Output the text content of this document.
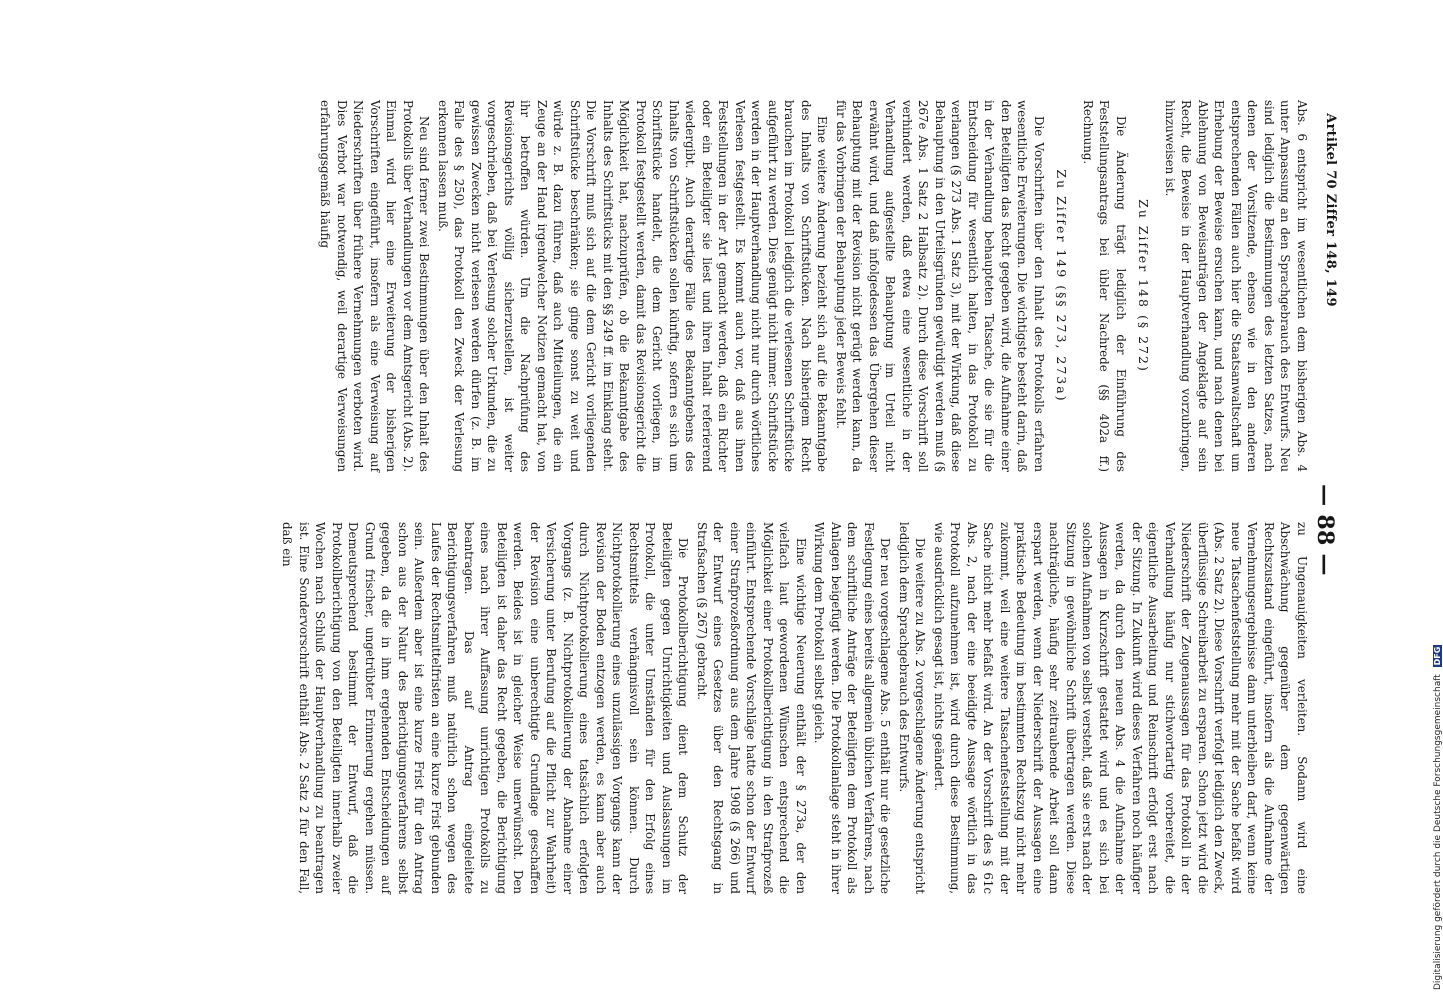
Artikel 70 Ziffer 148, 149
— 88 —

Abs. 6 entspricht im wesentlichen dem bisherigen Abs. 4 unter Anpassung an den Sprachgebrauch des Entwurfs. Neu sind lediglich die Bestimmungen des letzten Satzes, nach denen der Vorsitzende, ebenso wie in den anderen entsprechenden Fällen auch hier die Staatsanwaltschaft um Erhebung der Beweise ersuchen kann, und nach denen bei Ablehnung von Beweisanträgen der Angeklagte auf sein Recht, die Beweise in der Hauptverhandlung vorzubringen, hinzuweisen ist.

Zu Ziffer 148 (§ 272)

Die Änderung trägt lediglich der Einführung des Feststellungsantrags bei übler Nachrede (§§ 402a ff.) Rechnung.

Zu Ziffer 149 (§§ 273, 273a)

Die Vorschriften über den Inhalt des Protokolls erfahren wesentliche Erweiterungen. Die wichtigste besteht darin, daß den Beteiligten das Recht gegeben wird, die Aufnahme einer in der Verhandlung behaupteten Tatsache, die sie für die Entscheidung für wesentlich halten, in das Protokoll zu verlangen (§ 273 Abs. 1 Satz 3), mit der Wirkung, daß diese Behauptung in den Urteilsgründen gewürdigt werden muß (§ 267e Abs. 1 Satz 2 Halbsatz 2). Durch diese Vorschrift soll verhindert werden, daß etwa eine wesentliche in der Verhandlung aufgestellte Behauptung im Urteil nicht erwähnt wird, und daß infolgedessen das Übergehen dieser Behauptung mit der Revision nicht gerügt werden kann, da für das Vorbringen der Behauptung jeder Beweis fehlt.

Eine weitere Änderung bezieht sich auf die Bekanntgabe des Inhalts von Schriftstücken. Nach bisherigem Recht brauchen im Protokoll lediglich die verlesenen Schriftstücke aufgeführt zu werden. Dies genügt nicht immer. Schriftstücke werden in der Hauptverhandlung nicht nur durch wörtliches Verlesen festgestellt. Es kommt auch vor, daß aus ihnen Feststellungen in der Art gemacht werden, daß ein Richter oder ein Beteiligter sie liest und ihren Inhalt referierend wiedergibt. Auch derartige Fälle des Bekanntgebens des Inhalts von Schriftstücken sollen künftig, sofern es sich um Schriftstücke handelt, die dem Gericht vorliegen, im Protokoll festgestellt werden, damit das Revisionsgericht die Möglichkeit hat, nachzuprüfen, ob die Bekanntgabe des Inhalts des Schriftstücks mit den §§ 249 ff. im Einklang steht. Die Vorschrift muß sich auf die dem Gericht vorliegenden Schriftstücke beschränken; sie ginge sonst zu weit und würde z. B. dazu führen, daß auch Mitteilungen, die ein Zeuge an der Hand irgendwelcher Notizen gemacht hat, von ihr betroffen würden. Um die Nachprüfung des Revisionsgerichts völlig sicherzustellen, ist weiter vorgeschrieben, daß bei Verlesung solcher Urkunden, die zu gewissen Zwecken nicht verlesen werden dürfen (z. B. im Falle des § 250), das Protokoll den Zweck der Verlesung erkennen lassen muß.

Neu sind ferner zwei Bestimmungen über den Inhalt des Protokolls über Verhandlungen vor dem Amtsgericht (Abs. 2). Einmal wird hier eine Erweiterung der bisherigen Vorschriften eingeführt, insofern als eine Verweisung auf Niederschriften über frühere Vernehmungen verboten wird. Dies Verbot war notwendig, weil derartige Verweisungen erfahrungsgemäß häufig

zu Ungenauigkeiten verleiten. Sodann wird eine Abschwächung gegenüber dem gegenwärtigen Rechtszustand eingeführt, insofern als die Aufnahme der Vernehmungsergebnisse dann unterbleiben darf, wenn keine neue Tatsachenfeststellung mehr mit der Sache befaßt wird (Abs. 2 Satz 2). Diese Vorschrift verfolgt lediglich den Zweck, überflüssige Schreibarbeit zu ersparen. Schon jetzt wird die Niederschrift der Zeugenaussagen für das Protokoll in der Verhandlung häufig nur stichwortartig vorbereitet, die eigentliche Ausarbeitung und Reinschrift erfolgt erst nach der Sitzung. In Zukunft wird dieses Verfahren noch häufiger werden, da durch den neuen Abs. 4 die Aufnahme der Aussagen in Kurzschrift gestattet wird und es sich bei solchen Aufnahmen von selbst versteht, daß sie erst nach der Sitzung in gewöhnliche Schrift übertragen werden. Diese nachträgliche, häufig sehr zeitraubende Arbeit soll dann erspart werden, wenn der Niederschrift der Aussagen eine praktische Bedeutung im bestimmten Rechtszug nicht mehr zukommt, weil eine weitere Tatsachenfeststellung mit der Sache nicht mehr befaßt wird. An der Vorschrift des § 61c Abs. 2, nach der eine beeidigte Aussage wörtlich in das Protokoll aufzunehmen ist, wird durch diese Bestimmung, wie ausdrücklich gesagt ist, nichts geändert.

Die weitere zu Abs. 2 vorgeschlagene Änderung entspricht lediglich dem Sprachgebrauch des Entwurfs.

Der neu vorgeschlagene Abs. 5 enthält nur die gesetzliche Festlegung eines bereits allgemein üblichen Verfahrens, nach dem schriftliche Anträge der Beteiligten dem Protokoll als Anlagen beigefügt werden. Die Protokollanlage steht in ihrer Wirkung dem Protokoll selbst gleich.

Eine wichtige Neuerung enthält der § 273a, der den vielfach laut gewordenen Wünschen entsprechend die Möglichkeit einer Protokollberichtigung in den Strafprozeß einführt. Entsprechende Vorschläge hatte schon der Entwurf einer Strafprozeßordnung aus dem Jahre 1908 (§ 266) und der Entwurf eines Gesetzes über den Rechtsgang in Strafsachen (§ 267) gebracht.

Die Protokollberichtigung dient dem Schutz der Beteiligten gegen Unrichtigkeiten und Auslassungen im Protokoll, die unter Umständen für den Erfolg eines Rechtsmittels verhängnisvoll sein können. Durch Nichtprotokollierung eines unzulässigen Vorgangs kann der Revision der Boden entzogen werden, es kann aber auch durch Nichtprotokollierung eines tatsächlich erfolgten Vorgangs (z. B. Nichtprotokollierung der Abnahme einer Versicherung unter Berufung auf die Pflicht zur Wahrheit) der Revision eine unberechtigte Grundlage geschaffen werden. Beides ist in gleicher Weise unerwünscht. Den Beteiligten ist daher das Recht gegeben, die Berichtigung eines nach ihrer Auffassung unrichtigen Protokolls zu beantragen. Das auf Antrag eingeleitete Berichtigungsverfahren muß natürlich schon wegen des Laufes der Rechtsmittelfristen an eine kurze Frist gebunden sein. Außerdem aber ist eine kurze Frist für den Antrag schon aus der Natur des Berichtigungsverfahrens selbst gegeben, da die in ihm ergehenden Entscheidungen auf Grund frischer, ungetrübter Erinnerung ergehen müssen. Demeutsprechend bestimmt der Entwurf, daß die Protokollberichtigung von den Beteiligten innerhalb zweier Wochen nach Schluß der Hauptverhandlung zu beantragen ist. Eine Sondervorschrift enthält Abs. 2 Satz 2 für den Fall, daß ein

Digitalisierung gefördert durch die Deutsche Forschungsgemeinschaft DFG
